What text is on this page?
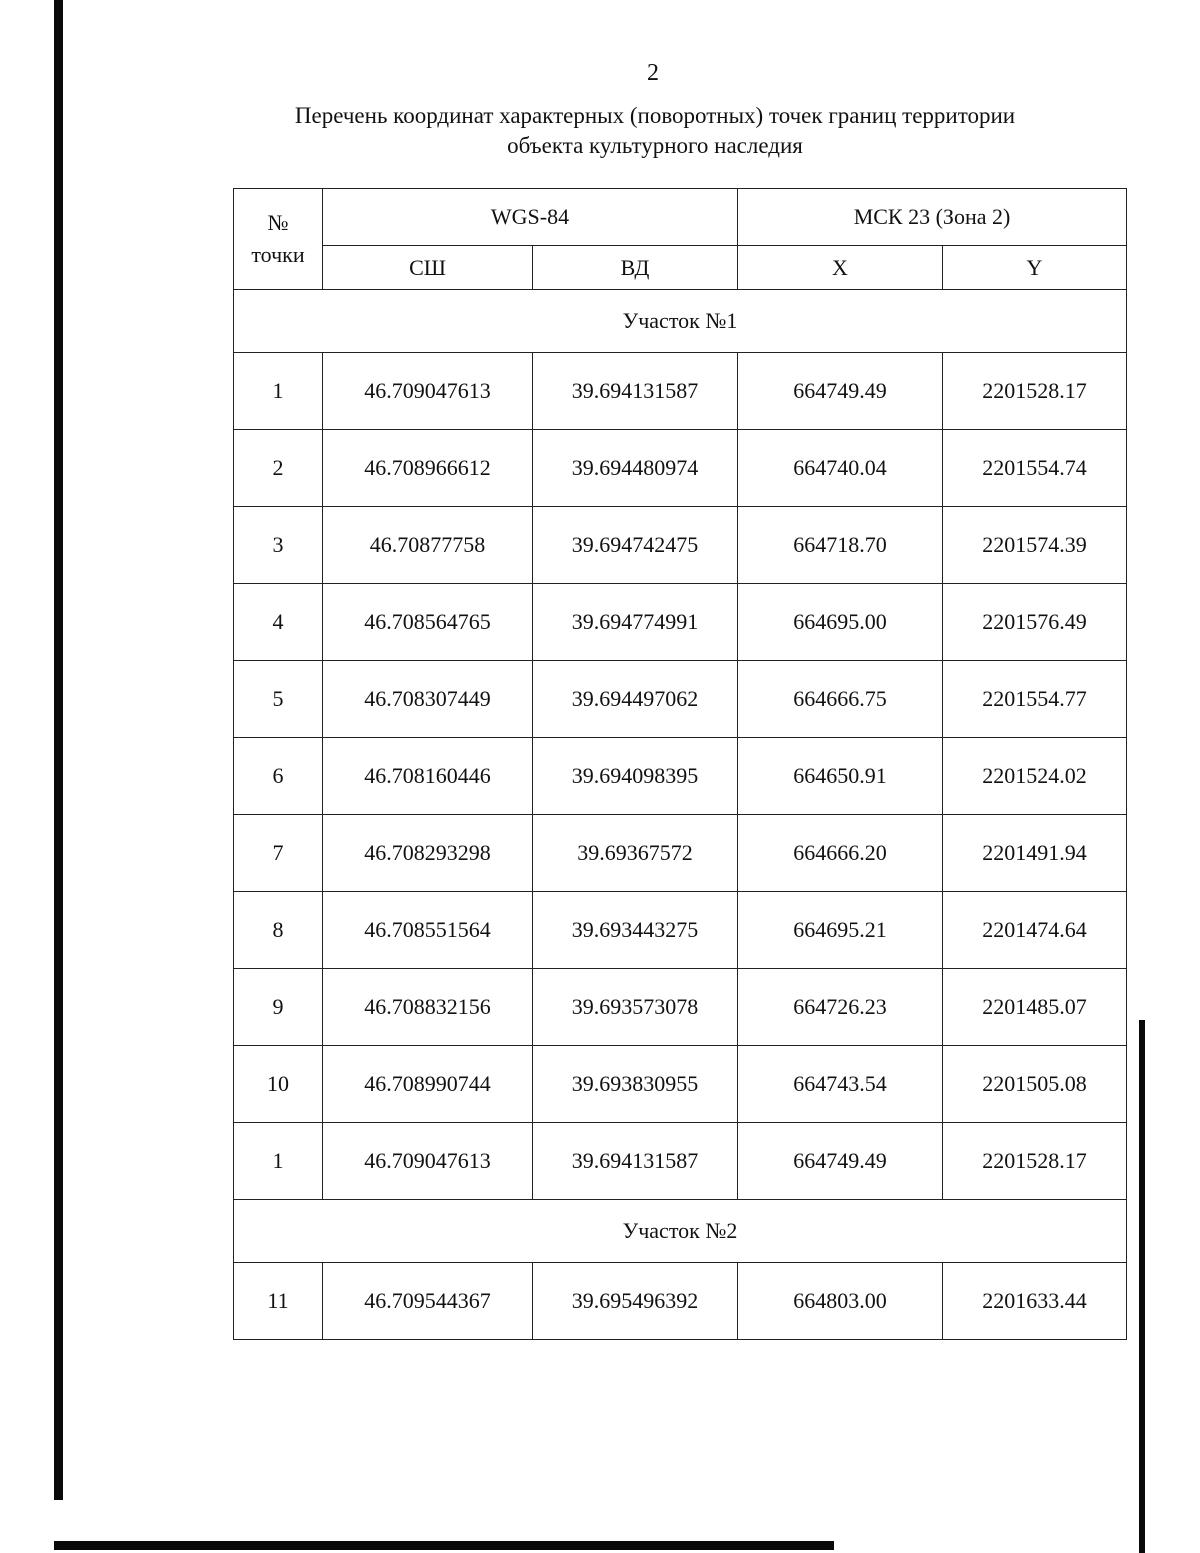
2
Перечень координат характерных (поворотных) точек границ территории
объекта культурного наследия
№
точки	WGS-84		МСК 23 (Зона 2)	
	СШ	ВД	X	Y
Участок №1				
1	46.709047613	39.694131587	664749.49	2201528.17
2	46.708966612	39.694480974	664740.04	2201554.74
3	46.70877758	39.694742475	664718.70	2201574.39
4	46.708564765	39.694774991	664695.00	2201576.49
5	46.708307449	39.694497062	664666.75	2201554.77
6	46.708160446	39.694098395	664650.91	2201524.02
7	46.708293298	39.69367572	664666.20	2201491.94
8	46.708551564	39.693443275	664695.21	2201474.64
9	46.708832156	39.693573078	664726.23	2201485.07
10	46.708990744	39.693830955	664743.54	2201505.08
1	46.709047613	39.694131587	664749.49	2201528.17
Участок №2				
11	46.709544367	39.695496392	664803.00	2201633.44
